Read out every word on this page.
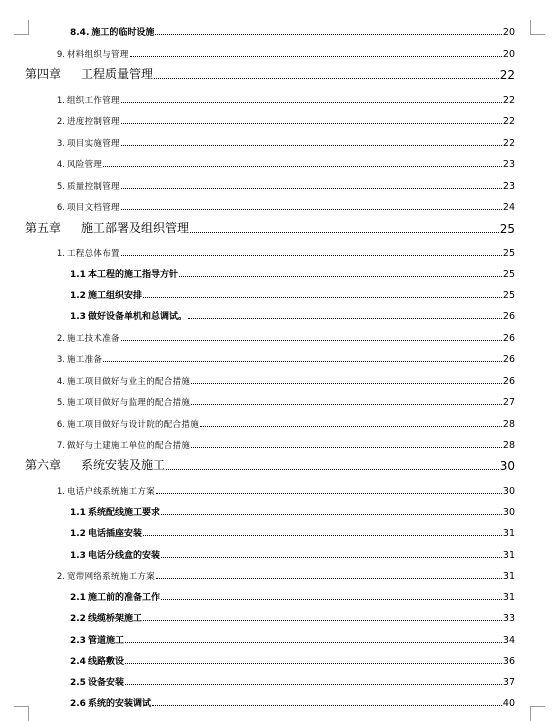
8.4. 施工的临时设施	20
9. 材料组织与管理	20
第四章	工程质量管理	22
1. 组织工作管理	22
2. 进度控制管理	22
3. 项目实施管理	22
4. 风险管理	23
5. 质量控制管理	23
6. 项目文档管理	24
第五章	施工部署及组织管理	25
1. 工程总体布置	25
1.1 本工程的施工指导方针	25
1.2 施工组织安排	25
1.3 做好设备单机和总调试。	26
2. 施工技术准备	26
3. 施工准备	26
4. 施工项目做好与业主的配合措施	26
5. 施工项目做好与监理的配合措施	27
6. 施工项目做好与设计院的配合措施	28
7. 做好与土建施工单位的配合措施	28
第六章	系统安装及施工	30
1. 电话户线系统施工方案	30
1.1 系统配线施工要求	30
1.2 电话插座安装	31
1.3 电话分线盒的安装	31
2. 宽带网络系统施工方案	31
2.1 施工前的准备工作	31
2.2 线缆桥架施工	33
2.3 管道施工	34
2.4 线路敷设	36
2.5 设备安装	37
2.6 系统的安装调试	40
